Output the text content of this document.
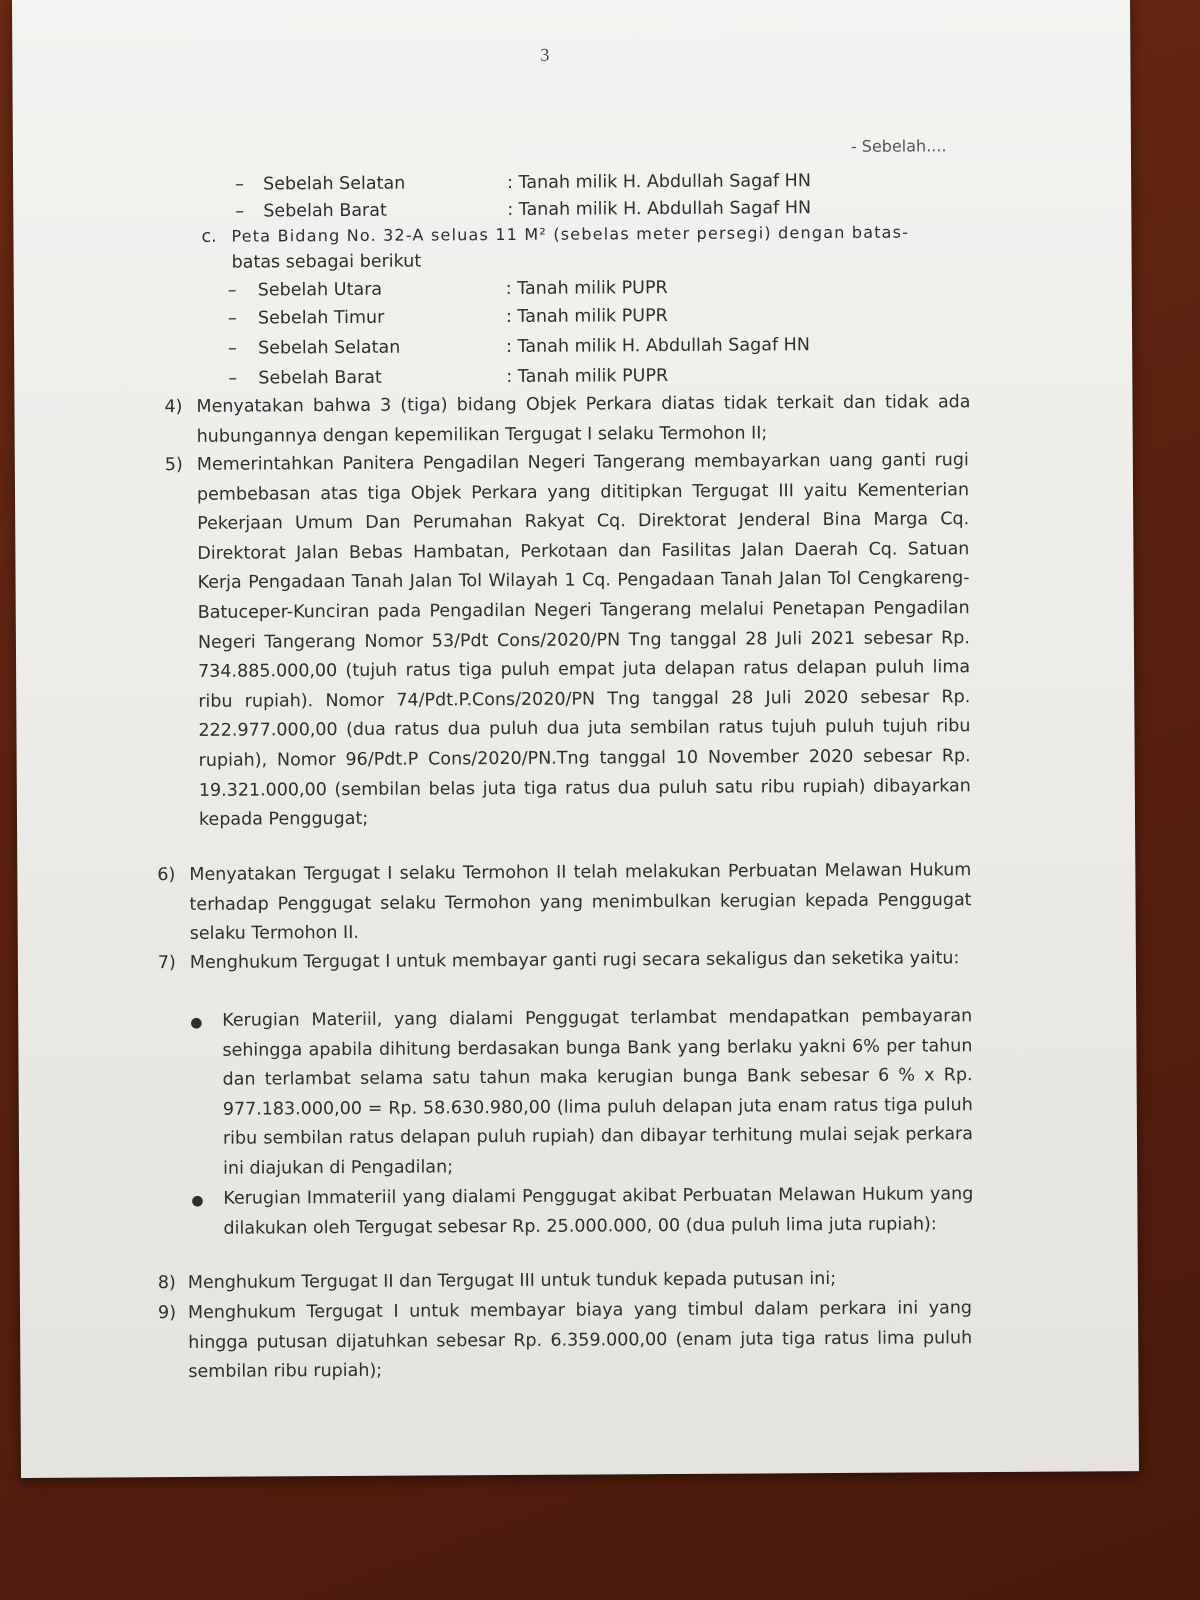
3
- Sebelah....
– Sebelah Selatan	: Tanah milik H. Abdullah Sagaf HN
– Sebelah Barat	: Tanah milik H. Abdullah Sagaf HN
c. Peta Bidang No. 32-A seluas 11 M² (sebelas meter persegi) dengan batas-
batas sebagai berikut
– Sebelah Utara	: Tanah milik PUPR
– Sebelah Timur	: Tanah milik PUPR
– Sebelah Selatan	: Tanah milik H. Abdullah Sagaf HN
– Sebelah Barat	: Tanah milik PUPR
4) Menyatakan bahwa 3 (tiga) bidang Objek Perkara diatas tidak terkait dan tidak ada hubungannya dengan kepemilikan Tergugat I selaku Termohon II;
5) Memerintahkan Panitera Pengadilan Negeri Tangerang membayarkan uang ganti rugi pembebasan atas tiga Objek Perkara yang dititipkan Tergugat III yaitu Kementerian Pekerjaan Umum Dan Perumahan Rakyat Cq. Direktorat Jenderal Bina Marga Cq. Direktorat Jalan Bebas Hambatan, Perkotaan dan Fasilitas Jalan Daerah Cq. Satuan Kerja Pengadaan Tanah Jalan Tol Wilayah 1 Cq. Pengadaan Tanah Jalan Tol Cengkareng- Batuceper-Kunciran pada Pengadilan Negeri Tangerang melalui Penetapan Pengadilan Negeri Tangerang Nomor 53/Pdt Cons/2020/PN Tng tanggal 28 Juli 2021 sebesar Rp. 734.885.000,00 (tujuh ratus tiga puluh empat juta delapan ratus delapan puluh lima ribu rupiah). Nomor 74/Pdt.P.Cons/2020/PN Tng tanggal 28 Juli 2020 sebesar Rp. 222.977.000,00 (dua ratus dua puluh dua juta sembilan ratus tujuh puluh tujuh ribu rupiah), Nomor 96/Pdt.P Cons/2020/PN.Tng tanggal 10 November 2020 sebesar Rp. 19.321.000,00 (sembilan belas juta tiga ratus dua puluh satu ribu rupiah) dibayarkan kepada Penggugat;
6) Menyatakan Tergugat I selaku Termohon II telah melakukan Perbuatan Melawan Hukum terhadap Penggugat selaku Termohon yang menimbulkan kerugian kepada Penggugat selaku Termohon II.
7) Menghukum Tergugat I untuk membayar ganti rugi secara sekaligus dan seketika yaitu:
● Kerugian Materiil, yang dialami Penggugat terlambat mendapatkan pembayaran sehingga apabila dihitung berdasakan bunga Bank yang berlaku yakni 6% per tahun dan terlambat selama satu tahun maka kerugian bunga Bank sebesar 6 % x Rp. 977.183.000,00 = Rp. 58.630.980,00 (lima puluh delapan juta enam ratus tiga puluh ribu sembilan ratus delapan puluh rupiah) dan dibayar terhitung mulai sejak perkara ini diajukan di Pengadilan;
● Kerugian Immateriil yang dialami Penggugat akibat Perbuatan Melawan Hukum yang dilakukan oleh Tergugat sebesar Rp. 25.000.000, 00 (dua puluh lima juta rupiah):
8) Menghukum Tergugat II dan Tergugat III untuk tunduk kepada putusan ini;
9) Menghukum Tergugat I untuk membayar biaya yang timbul dalam perkara ini yang hingga putusan dijatuhkan sebesar Rp. 6.359.000,00 (enam juta tiga ratus lima puluh sembilan ribu rupiah);
